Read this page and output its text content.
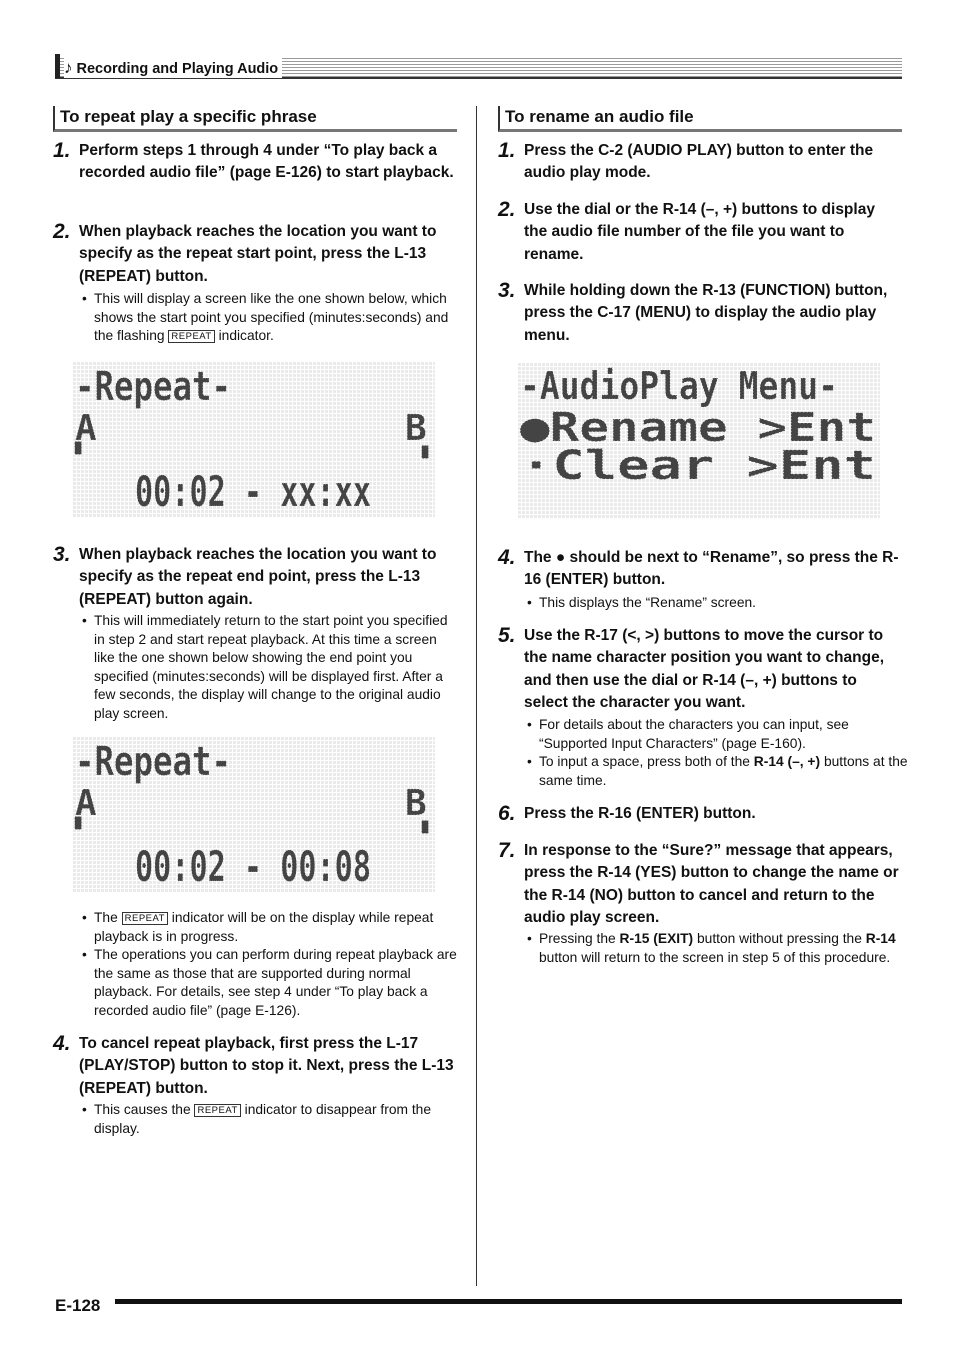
♪ Recording and Playing Audio
To repeat play a specific phrase
1. Perform steps 1 through 4 under “To play back a recorded audio file” (page E-126) to start playback.
2. When playback reaches the location you want to specify as the repeat start point, press the L-13 (REPEAT) button.
• This will display a screen like the one shown below, which shows the start point you specified (minutes:seconds) and the flashing REPEAT indicator.
-Repeat-
A	B
▘	▝
00:02 - xx:xx
3. When playback reaches the location you want to specify as the repeat end point, press the L-13 (REPEAT) button again.
• This will immediately return to the start point you specified in step 2 and start repeat playback. At this time a screen like the one shown below showing the end point you specified (minutes:seconds) will be displayed first. After a few seconds, the display will change to the original audio play screen.
-Repeat-
A	B
▘	▝
00:02 - 00:08
• The REPEAT indicator will be on the display while repeat playback is in progress.
• The operations you can perform during repeat playback are the same as those that are supported during normal playback. For details, see step 4 under “To play back a recorded audio file” (page E-126).
4. To cancel repeat playback, first press the L-17 (PLAY/STOP) button to stop it. Next, press the L-13 (REPEAT) button.
• This causes the REPEAT indicator to disappear from the display.
To rename an audio file
1. Press the C-2 (AUDIO PLAY) button to enter the audio play mode.
2. Use the dial or the R-14 (–, +) buttons to display the audio file number of the file you want to rename.
3. While holding down the R-13 (FUNCTION) button, press the C-17 (MENU) to display the audio play menu.
-AudioPlay Menu-
●Rename >Ent
·Clear >Ent
4. The ● should be next to “Rename”, so press the R-16 (ENTER) button.
• This displays the “Rename” screen.
5. Use the R-17 (<, >) buttons to move the cursor to the name character position you want to change, and then use the dial or R-14 (–, +) buttons to select the character you want.
• For details about the characters you can input, see “Supported Input Characters” (page E-160).
• To input a space, press both of the R-14 (–, +) buttons at the same time.
6. Press the R-16 (ENTER) button.
7. In response to the “Sure?” message that appears, press the R-14 (YES) button to change the name or the R-14 (NO) button to cancel and return to the audio play screen.
• Pressing the R-15 (EXIT) button without pressing the R-14 button will return to the screen in step 5 of this procedure.
E-128
